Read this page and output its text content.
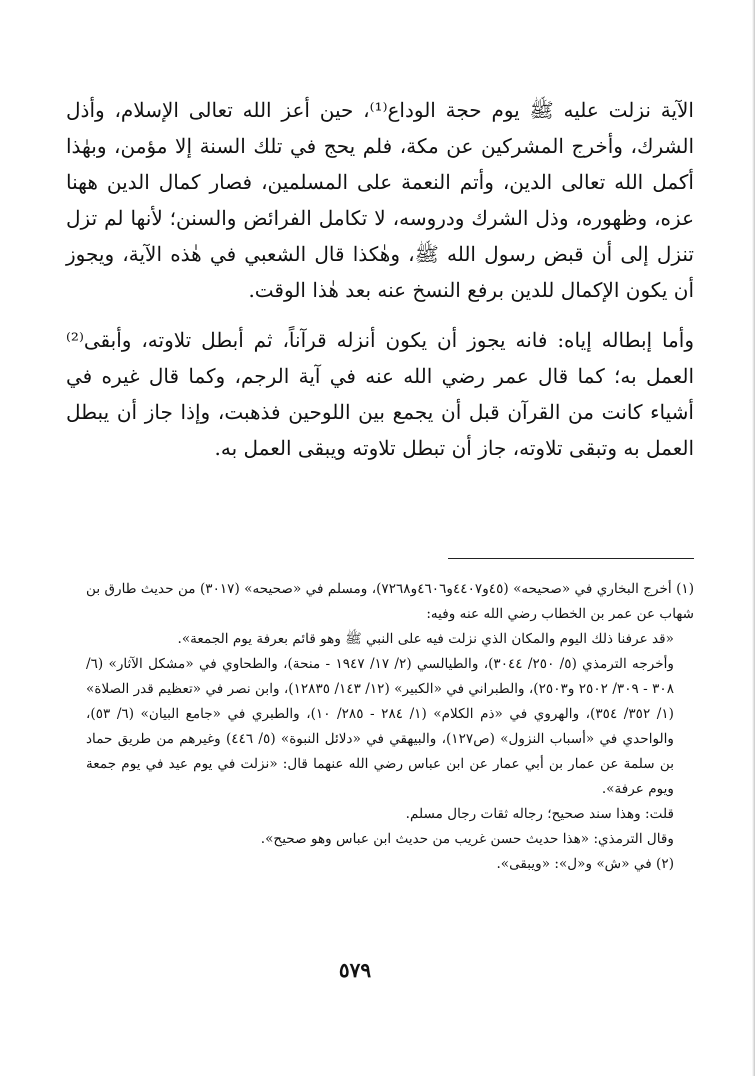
الآية نزلت عليه ﷺ يوم حجة الوداع⁽¹⁾، حين أعز الله تعالى الإسلام، وأذل الشرك، وأخرج المشركين عن مكة، فلم يحج في تلك السنة إلا مؤمن، وبهٰذا أكمل الله تعالى الدين، وأتم النعمة على المسلمين، فصار كمال الدين ههنا عزه، وظهوره، وذل الشرك ودروسه، لا تكامل الفرائض والسنن؛ لأنها لم تزل تنزل إلى أن قبض رسول الله ﷺ، وهٰكذا قال الشعبي في هٰذه الآية، ويجوز أن يكون الإكمال للدين برفع النسخ عنه بعد هٰذا الوقت.

وأما إبطاله إياه: فانه يجوز أن يكون أنزله قرآناً، ثم أبطل تلاوته، وأبقى⁽²⁾ العمل به؛ كما قال عمر رضي الله عنه في آية الرجم، وكما قال غيره في أشياء كانت من القرآن قبل أن يجمع بين اللوحين فذهبت، وإذا جاز أن يبطل العمل به وتبقى تلاوته، جاز أن تبطل تلاوته ويبقى العمل به.

(١) أخرج البخاري في «صحيحه» (٤٥و٤٤٠٧و٤٦٠٦و٧٢٦٨)، ومسلم في «صحيحه» (٣٠١٧) من حديث طارق بن شهاب عن عمر بن الخطاب رضي الله عنه وفيه:
«قد عرفنا ذلك اليوم والمكان الذي نزلت فيه على النبي ﷺ وهو قائم بعرفة يوم الجمعة».
وأخرجه الترمذي (٥/ ٢٥٠/ ٣٠٤٤)، والطيالسي (٢/ ١٧/ ١٩٤٧ - منحة)، والطحاوي في «مشكل الآثار» (٦/ ٣٠٨ - ٣٠٩/ ٢٥٠٢ و٢٥٠٣)، والطبراني في «الكبير» (١٢/ ١٤٣/ ١٢٨٣٥)، وابن نصر في «تعظيم قدر الصلاة» (١/ ٣٥٢/ ٣٥٤)، والهروي في «ذم الكلام» (١/ ٢٨٤ - ٢٨٥/ ١٠)، والطبري في «جامع البيان» (٦/ ٥٣)، والواحدي في «أسباب النزول» (ص١٢٧)، والبيهقي في «دلائل النبوة» (٥/ ٤٤٦) وغيرهم من طريق حماد بن سلمة عن عمار بن أبي عمار عن ابن عباس رضي الله عنهما قال: «نزلت في يوم عيد في يوم جمعة ويوم عرفة».
قلت: وهذا سند صحيح؛ رجاله ثقات رجال مسلم.
وقال الترمذي: «هذا حديث حسن غريب من حديث ابن عباس وهو صحيح».
(٢) في «ش» و«ل»: «ويبقى».
٥٧٩
